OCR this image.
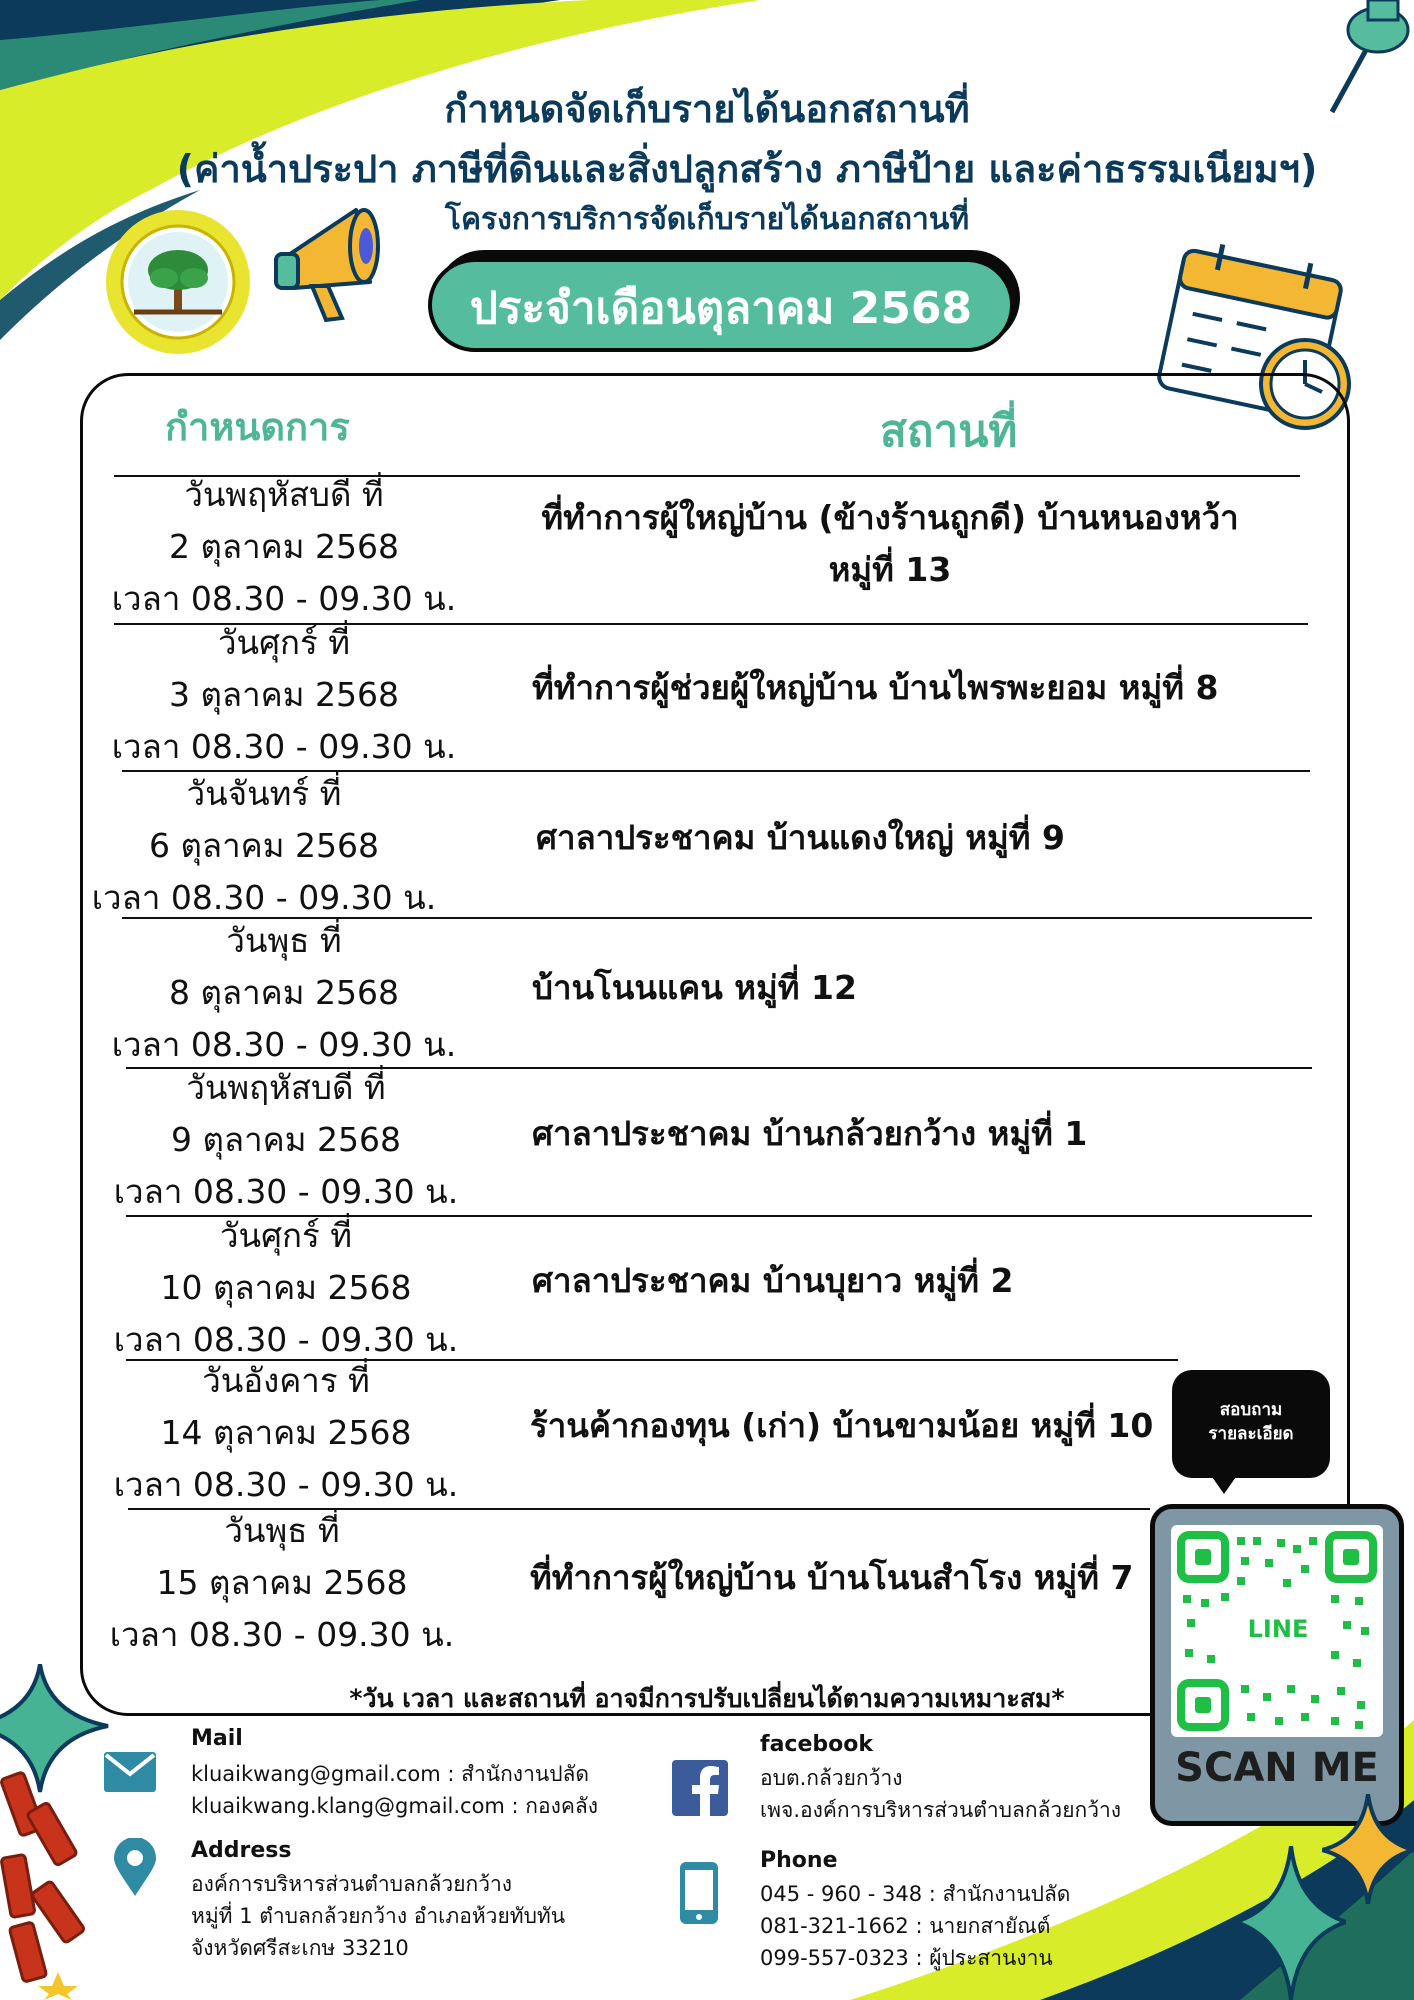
กำหนดจัดเก็บรายได้นอกสถานที่
(ค่าน้ำประปา ภาษีที่ดินและสิ่งปลูกสร้าง ภาษีป้าย และค่าธรรมเนียมฯ)
โครงการบริการจัดเก็บรายได้นอกสถานที่
ประจำเดือนตุลาคม 2568
กำหนดการ	สถานที่
วันพฤหัสบดี ที่
2 ตุลาคม 2568
เวลา 08.30 - 09.30 น.
ที่ทำการผู้ใหญ่บ้าน (ข้างร้านถูกดี) บ้านหนองหว้า
หมู่ที่ 13
วันศุกร์ ที่
3 ตุลาคม 2568
เวลา 08.30 - 09.30 น.
ที่ทำการผู้ช่วยผู้ใหญ่บ้าน บ้านไพรพะยอม หมู่ที่ 8
วันจันทร์ ที่
6 ตุลาคม 2568
เวลา 08.30 - 09.30 น.
ศาลาประชาคม บ้านแดงใหญ่ หมู่ที่ 9
วันพุธ ที่
8 ตุลาคม 2568
เวลา 08.30 - 09.30 น.
บ้านโนนแคน หมู่ที่ 12
วันพฤหัสบดี ที่
9 ตุลาคม 2568
เวลา 08.30 - 09.30 น.
ศาลาประชาคม บ้านกล้วยกว้าง หมู่ที่ 1
วันศุกร์ ที่
10 ตุลาคม 2568
เวลา 08.30 - 09.30 น.
ศาลาประชาคม บ้านบุยาว หมู่ที่ 2
วันอังคาร ที่
14 ตุลาคม 2568
เวลา 08.30 - 09.30 น.
ร้านค้ากองทุน (เก่า) บ้านขามน้อย หมู่ที่ 10
วันพุธ ที่
15 ตุลาคม 2568
เวลา 08.30 - 09.30 น.
ที่ทำการผู้ใหญ่บ้าน บ้านโนนสำโรง หมู่ที่ 7
*วัน เวลา และสถานที่ อาจมีการปรับเปลี่ยนได้ตามความเหมาะสม*
สอบถาม
รายละเอียด
LINE
SCAN ME
Mail
kluaikwang@gmail.com : สำนักงานปลัด
kluaikwang.klang@gmail.com : กองคลัง
Address
องค์การบริหารส่วนตำบลกล้วยกว้าง
หมู่ที่ 1 ตำบลกล้วยกว้าง อำเภอห้วยทับทัน
จังหวัดศรีสะเกษ 33210
facebook
อบต.กล้วยกว้าง
เพจ.องค์การบริหารส่วนตำบลกล้วยกว้าง
Phone
045 - 960 - 348 : สำนักงานปลัด
081-321-1662 : นายกสายัณต์
099-557-0323 : ผู้ประสานงาน
